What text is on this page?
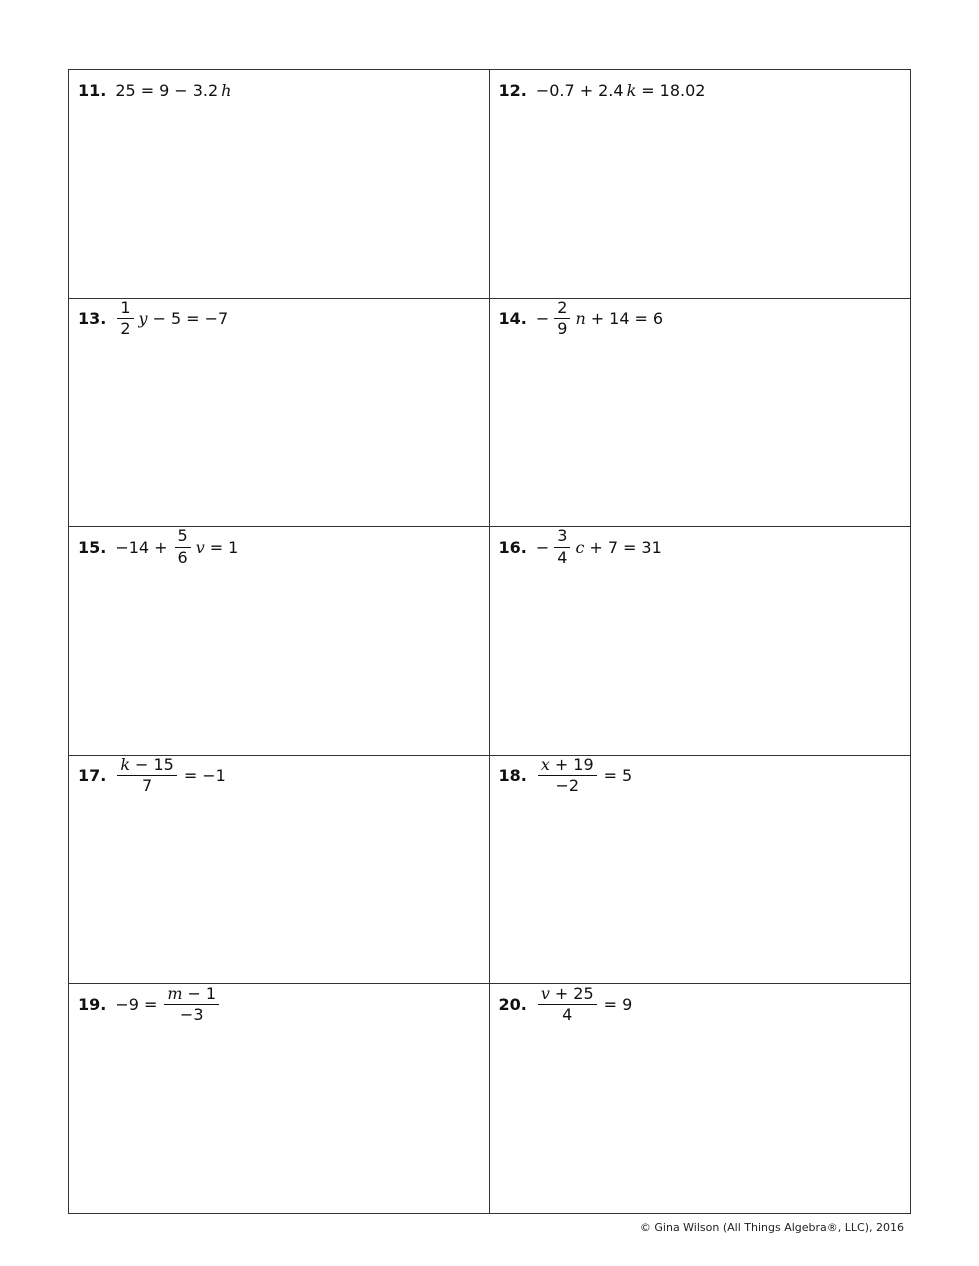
11. 25 = 9 − 3.2 h	12. −0.7 + 2.4 k = 18.02
13. $\frac{1}{2}$ y − 5 = −7	14. − $\frac{2}{9}$ n + 14 = 6
15. $-14 + \frac{5}{6}$ v = 1	16. − $\frac{3}{4}$ c + 7 = 31
17. $\frac{k - 15}{7} = -1$	18. $\frac{x + 19}{-2} = 5$
19. $-9 = \frac{m - 1}{-3}$	20. $\frac{v + 25}{4} = 9$
© Gina Wilson (All Things Algebra®, LLC), 2016
